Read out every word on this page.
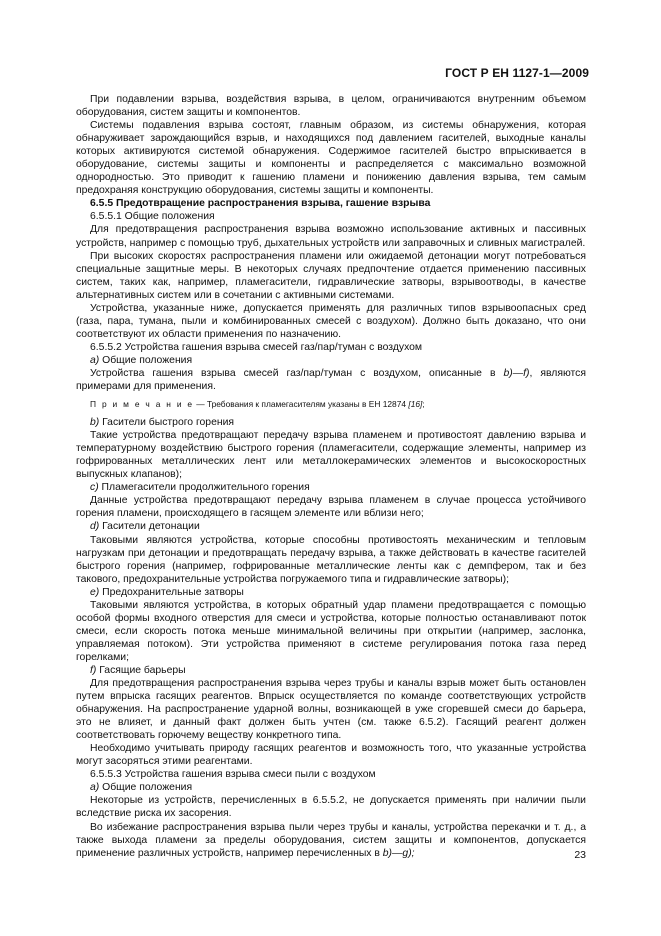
ГОСТ Р ЕН 1127-1—2009

При подавлении взрыва, воздействия взрыва, в целом, ограничиваются внутренним объемом оборудования, систем защиты и компонентов.

Системы подавления взрыва состоят, главным образом, из системы обнаружения, которая обнаруживает зарождающийся взрыв, и находящихся под давлением гасителей, выходные каналы которых активируются системой обнаружения. Содержимое гасителей быстро впрыскивается в оборудование, системы защиты и компоненты и распределяется с максимально возможной однородностью. Это приводит к гашению пламени и понижению давления взрыва, тем самым предохраняя конструкцию оборудования, системы защиты и компоненты.

6.5.5 Предотвращение распространения взрыва, гашение взрыва

6.5.5.1 Общие положения

Для предотвращения распространения взрыва возможно использование активных и пассивных устройств, например с помощью труб, дыхательных устройств или заправочных и сливных магистралей.

При высоких скоростях распространения пламени или ожидаемой детонации могут потребоваться специальные защитные меры. В некоторых случаях предпочтение отдается применению пассивных систем, таких как, например, пламегасители, гидравлические затворы, взрывоотводы, в качестве альтернативных систем или в сочетании с активными системами.

Устройства, указанные ниже, допускается применять для различных типов взрывоопасных сред (газа, пара, тумана, пыли и комбинированных смесей с воздухом). Должно быть доказано, что они соответствуют их области применения по назначению.

6.5.5.2 Устройства гашения взрыва смесей газ/пар/туман с воздухом

a) Общие положения

Устройства гашения взрыва смесей газ/пар/туман с воздухом, описанные в b)—f), являются примерами для применения.

П р и м е ч а н и е — Требования к пламегасителям указаны в ЕН 12874 [16];

b) Гасители быстрого горения

Такие устройства предотвращают передачу взрыва пламенем и противостоят давлению взрыва и температурному воздействию быстрого горения (пламегасители, содержащие элементы, например из гофрированных металлических лент или металлокерамических элементов и высокоскоростных выпускных клапанов);

c) Пламегасители продолжительного горения

Данные устройства предотвращают передачу взрыва пламенем в случае процесса устойчивого горения пламени, происходящего в гасящем элементе или вблизи него;

d) Гасители детонации

Таковыми являются устройства, которые способны противостоять механическим и тепловым нагрузкам при детонации и предотвращать передачу взрыва, а также действовать в качестве гасителей быстрого горения (например, гофрированные металлические ленты как с демпфером, так и без такового, предохранительные устройства погружаемого типа и гидравлические затворы);

e) Предохранительные затворы

Таковыми являются устройства, в которых обратный удар пламени предотвращается с помощью особой формы входного отверстия для смеси и устройства, которые полностью останавливают поток смеси, если скорость потока меньше минимальной величины при открытии (например, заслонка, управляемая потоком). Эти устройства применяют в системе регулирования потока газа перед горелками;

f) Гасящие барьеры

Для предотвращения распространения взрыва через трубы и каналы взрыв может быть остановлен путем впрыска гасящих реагентов. Впрыск осуществляется по команде соответствующих устройств обнаружения. На распространение ударной волны, возникающей в уже сгоревшей смеси до барьера, это не влияет, и данный факт должен быть учтен (см. также 6.5.2). Гасящий реагент должен соответствовать горючему веществу конкретного типа.

Необходимо учитывать природу гасящих реагентов и возможность того, что указанные устройства могут засоряться этими реагентами.

6.5.5.3 Устройства гашения взрыва смеси пыли с воздухом

a) Общие положения

Некоторые из устройств, перечисленных в 6.5.5.2, не допускается применять при наличии пыли вследствие риска их засорения.

Во избежание распространения взрыва пыли через трубы и каналы, устройства перекачки и т. д., а также выхода пламени за пределы оборудования, систем защиты и компонентов, допускается применение различных устройств, например перечисленных в b)—g);	23
